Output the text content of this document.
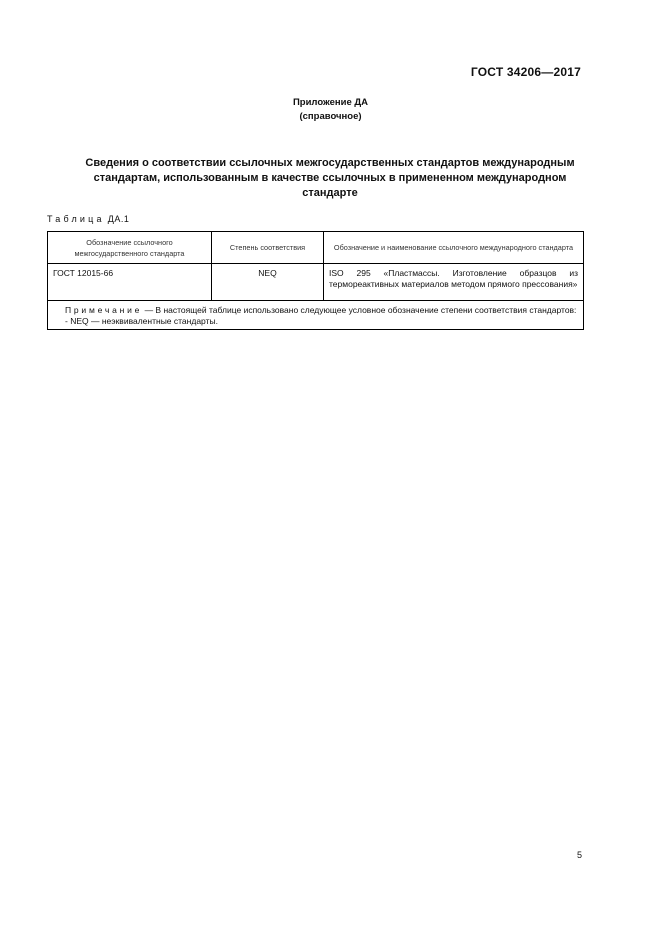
ГОСТ 34206—2017
Приложение ДА
(справочное)
Сведения о соответствии ссылочных межгосударственных стандартов международным
стандартам, использованным в качестве ссылочных в примененном международном
стандарте
Таблица ДА.1
Обозначение ссылочного межгосударственного стандарта	Степень соответствия	Обозначение и наименование ссылочного международного стандарта
ГОСТ 12015-66	NEQ	ISO 295 «Пластмассы. Изготовление образцов из термореактивных материалов методом прямого прессования»

Примечание — В настоящей таблице использовано следующее условное обозначение степени соответствия стандартов:
- NEQ — неэквивалентные стандарты.		
5
